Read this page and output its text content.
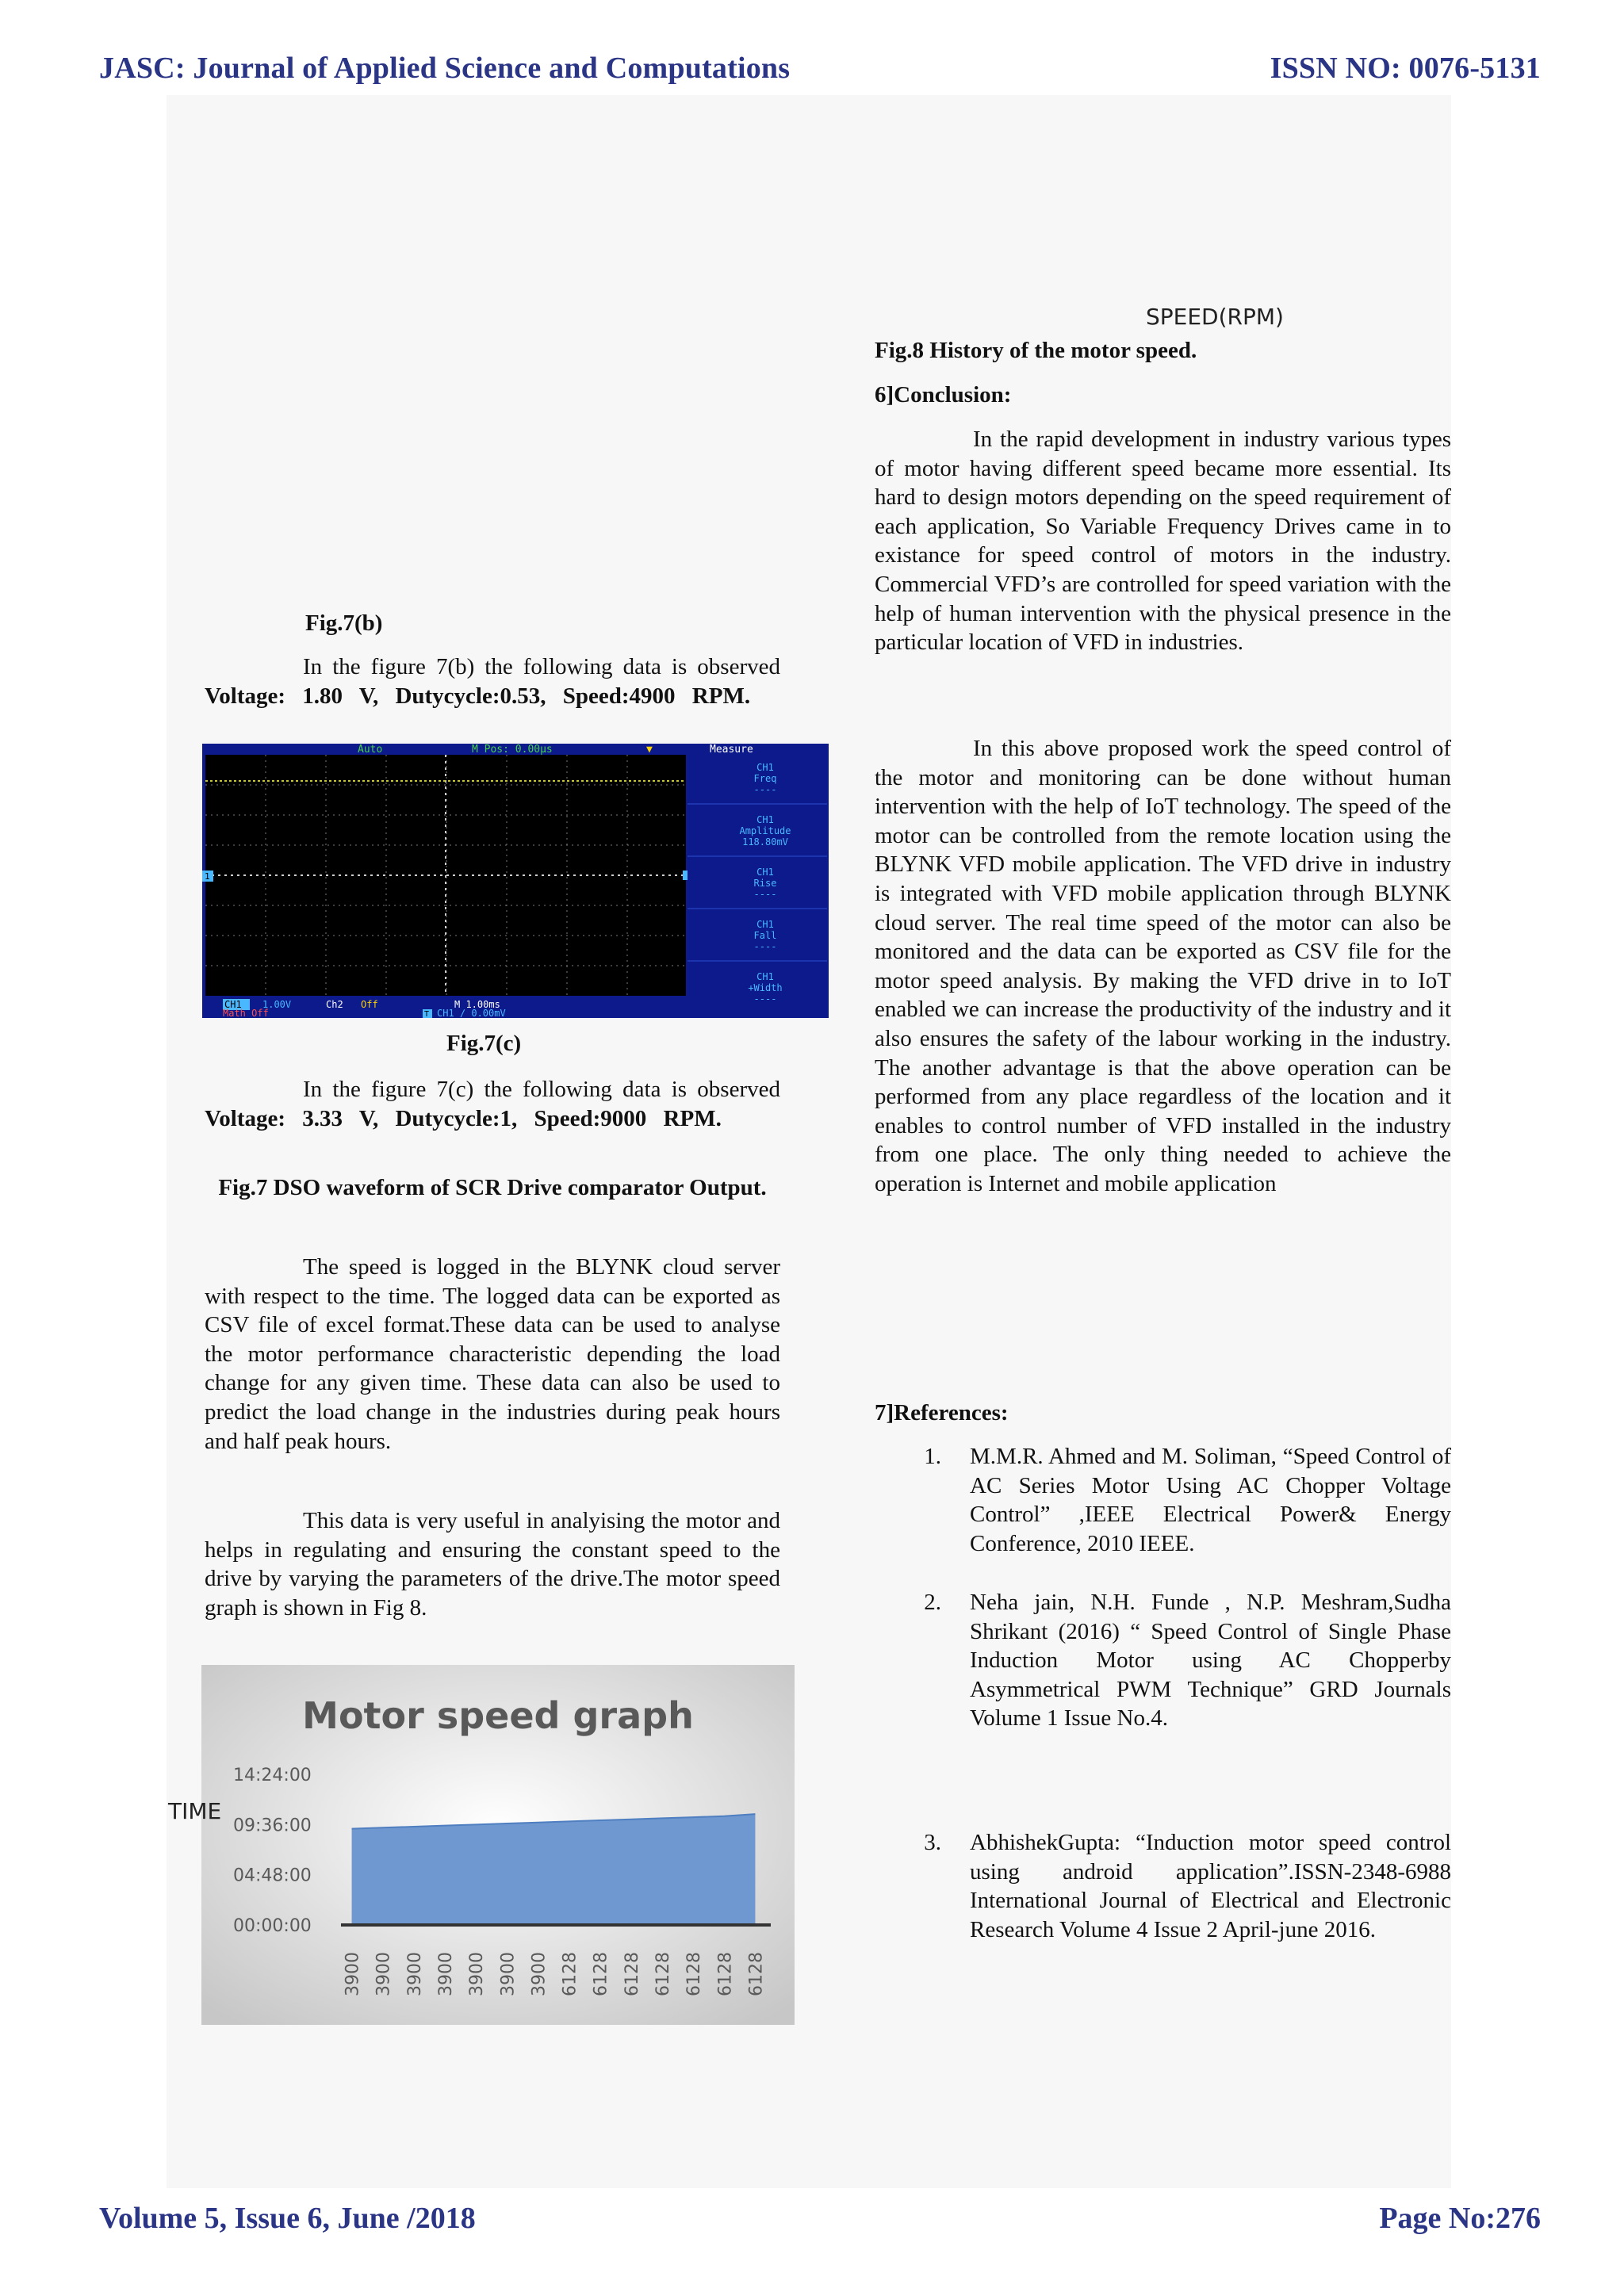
JASC: Journal of Applied Science and Computations	ISSN NO: 0076-5131
Fig.7(b)

In the figure 7(b) the following data is observed Voltage: 1.80 V, Dutycycle:0.53, Speed:4900 RPM.

Auto	M Pos: 0.00µs	▼	Measure
CH1
Freq
----
CH1
Amplitude
118.80mV
CH1
Rise
----
CH1
Fall
----
CH1
+Width
----
1
CH1 1.00V	Ch2 Off
Math Off
M 1.00ms
T CH1 ∕ 0.00mV
Fig.7(c)

In the figure 7(c) the following data is observed Voltage: 3.33 V, Dutycycle:1, Speed:9000 RPM.

Fig.7 DSO waveform of SCR Drive comparator Output.

The speed is logged in the BLYNK cloud server with respect to the time. The logged data can be exported as CSV file of excel format.These data can be used to analyse the motor performance characteristic depending the load change for any given time. These data can also be used to predict the load change in the industries during peak hours and half peak hours.

This data is very useful in analyising the motor and helps in regulating and ensuring the constant speed to the drive by varying the parameters of the drive.The motor speed graph is shown in Fig 8.

Motor speed graph
00:00:00
04:48:00
09:36:00
14:24:00
3900 3900 3900 3900 3900 3900 3900 6128 6128 6128 6128 6128 6128 6128
TIME
SPEED(RPM)
Fig.8 History of the motor speed.
6]Conclusion:

In the rapid development in industry various types of motor having different speed became more essential. Its hard to design motors depending on the speed requirement of each application, So Variable Frequency Drives came in to existance for speed control of motors in the industry. Commercial VFD’s are controlled for speed variation with the help of human intervention with the physical presence in the particular location of VFD in industries.

In this above proposed work the speed control of the motor and monitoring can be done without human intervention with the help of IoT technology. The speed of the motor can be controlled from the remote location using the BLYNK VFD mobile application. The VFD drive in industry is integrated with VFD mobile application through BLYNK cloud server. The real time speed of the motor can also be monitored and the data can be exported as CSV file for the motor speed analysis. By making the VFD drive in to IoT enabled we can increase the productivity of the industry and it also ensures the safety of the labour working in the industry. The another advantage is that the above operation can be performed from any place regardless of the location and it enables to control number of VFD installed in the industry from one place. The only thing needed to achieve the operation is Internet and mobile application

7]References:
1. M.M.R. Ahmed and M. Soliman, “Speed Control of AC Series Motor Using AC Chopper Voltage Control” ,IEEE Electrical Power& Energy Conference, 2010 IEEE.
2. Neha jain, N.H. Funde , N.P. Meshram,Sudha Shrikant (2016) “ Speed Control of Single Phase Induction Motor using AC Chopperby Asymmetrical PWM Technique” GRD Journals Volume 1 Issue No.4.
3. AbhishekGupta: “Induction motor speed control using android application”.ISSN-2348-6988 International Journal of Electrical and Electronic Research Volume 4 Issue 2 April-june 2016.
Volume 5, Issue 6, June /2018	Page No:276
